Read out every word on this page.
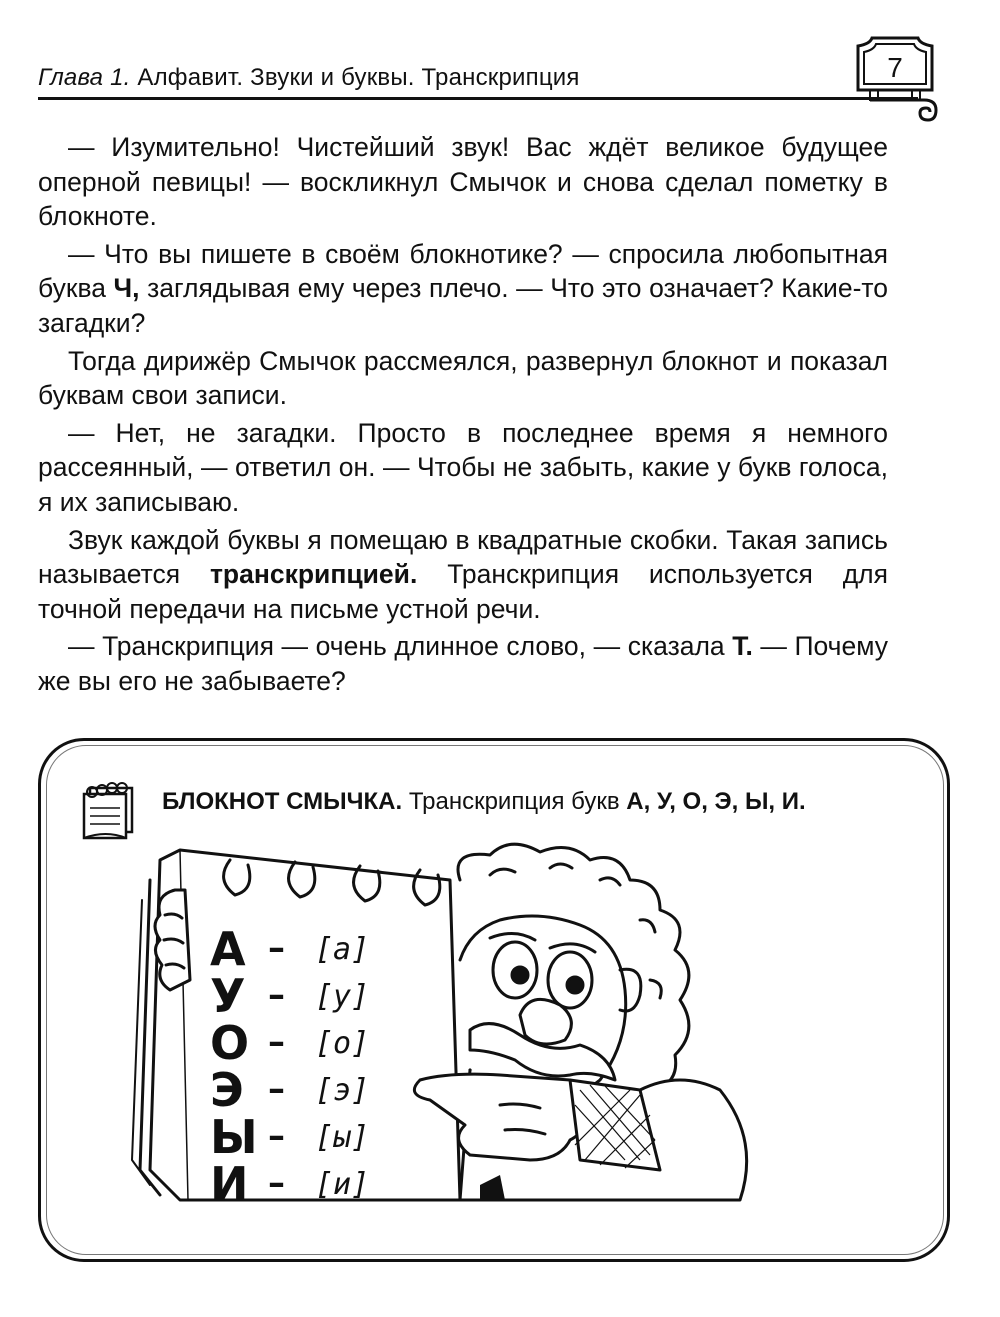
Глава 1. Алфавит. Звуки и буквы. Транскрипция	7

— Изумительно! Чистейший звук! Вас ждёт великое будущее оперной певицы! — воскликнул Смычок и снова сделал пометку в блокноте.

— Что вы пишете в своём блокнотике? — спросила любопытная буква Ч, заглядывая ему через плечо. — Что это означает? Какие-то загадки?

Тогда дирижёр Смычок рассмеялся, развернул блокнот и показал буквам свои записи.

— Нет, не загадки. Просто в последнее время я немного рассеянный, — ответил он. — Чтобы не забыть, какие у букв голоса, я их записываю.

Звук каждой буквы я помещаю в квадратные скобки. Такая запись называется транскрипцией. Транскрипция используется для точной передачи на письме устной речи.

— Транскрипция — очень длинное слово, — сказала Т. — Почему же вы его не забываете?

БЛОКНОТ СМЫЧКА. Транскрипция букв А, У, О, Э, Ы, И.
А – [а]
У – [у]
О – [о]
Э – [э]
Ы – [ы]
И – [и]
